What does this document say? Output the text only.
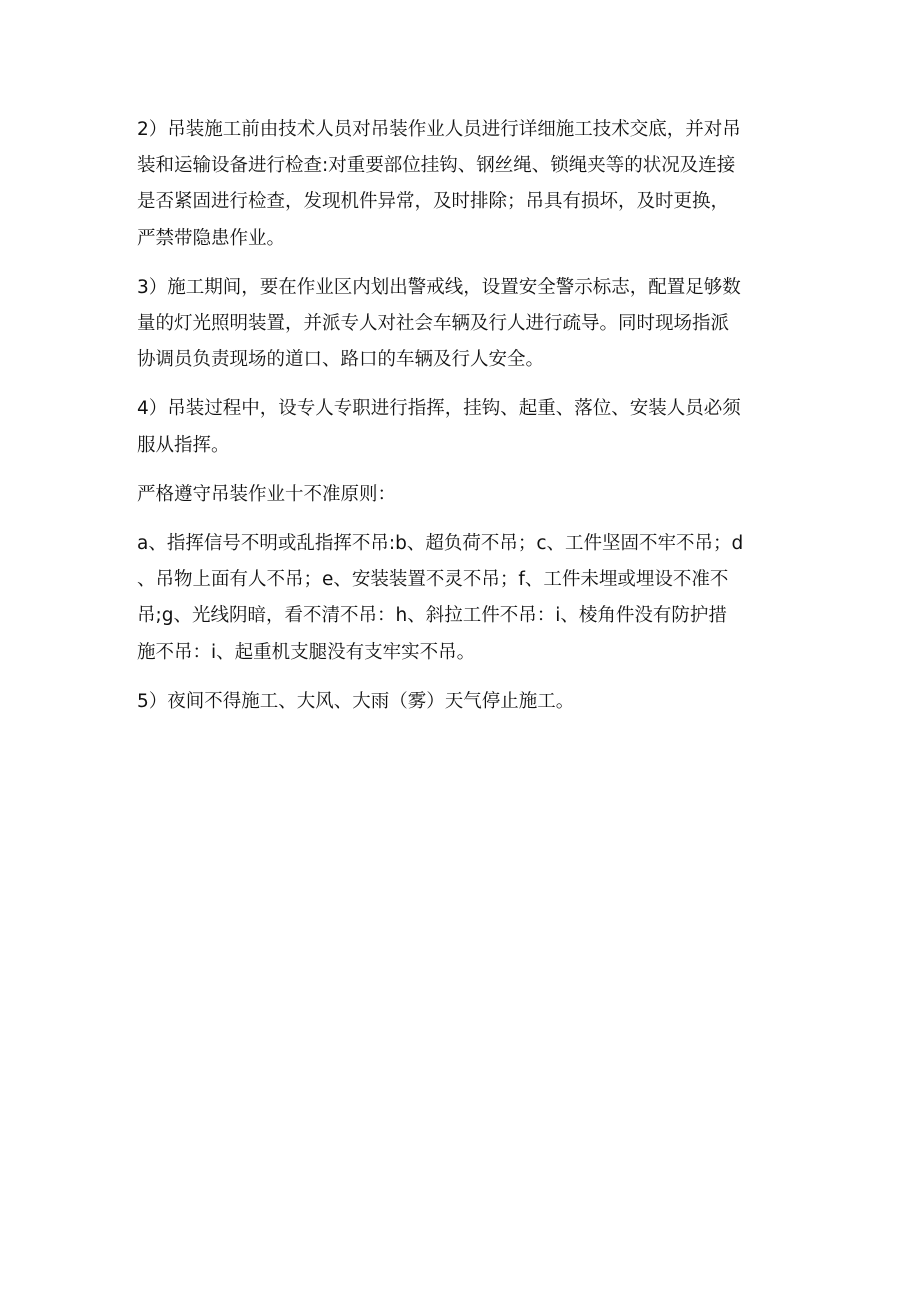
2）吊装施工前由技术人员对吊装作业人员进行详细施工技术交底，并对吊
装和运输设备进行检查:对重要部位挂钩、钢丝绳、锁绳夹等的状况及连接
是否紧固进行检查，发现机件异常，及时排除；吊具有损坏，及时更换，
严禁带隐患作业。

3）施工期间，要在作业区内划出警戒线，设置安全警示标志，配置足够数
量的灯光照明装置，并派专人对社会车辆及行人进行疏导。同时现场指派
协调员负责现场的道口、路口的车辆及行人安全。

4）吊装过程中，设专人专职进行指挥，挂钩、起重、落位、安装人员必须
服从指挥。

严格遵守吊装作业十不准原则：

a、指挥信号不明或乱指挥不吊:b、超负荷不吊；c、工件坚固不牢不吊；d
、吊物上面有人不吊；e、安装装置不灵不吊；f、工件未埋或埋设不准不
吊;g、光线阴暗，看不清不吊：h、斜拉工件不吊：i、棱角件没有防护措
施不吊：i、起重机支腿没有支牢实不吊。

5）夜间不得施工、大风、大雨（雾）天气停止施工。
